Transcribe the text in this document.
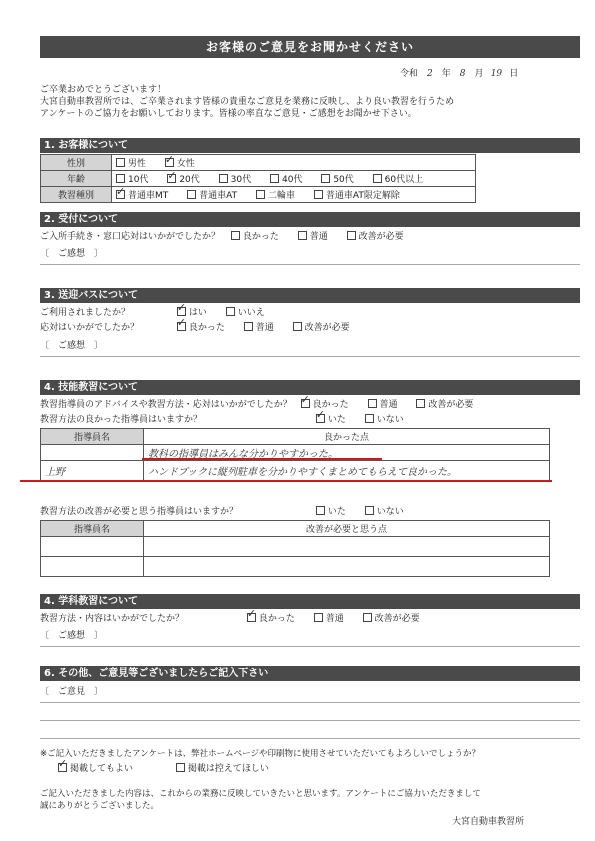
お客様のご意見をお聞かせください
令和 2 年 8 月 19 日
ご卒業おめでとうございます！
大宮自動車教習所では、ご卒業されます皆様の貴重なご意見を業務に反映し、より良い教習を行うため
アンケートのご協力をお願いしております。皆様の率直なご意見・ご感想をお聞かせ下さい。
1. お客様について
性別	男性 ✓ 女性
年齢	10代 ✓ 20代 30代 40代 50代 60代以上
教習種別	✓普通車MT 普通車AT 二輪車 普通車AT限定解除
2. 受付について
ご入所手続き・窓口応対はいかがでしたか？	良かった	普通	改善が必要
〔　ご感想　〕
3. 送迎バスについて
ご利用されましたか？ ✓	はい	いいえ
応対はいかがでしたか？ ✓	良かった	普通	改善が必要
〔　ご感想　〕
4. 技能教習について
教習指導員のアドバイスや教習方法・応対はいかがでしたか？ ✓ 良かった	普通	改善が必要
教習方法の良かった指導員はいますか？ ✓	いた	いない
指導員名	良かった点
	教科の指導員はみんな分かりやすかった。
上野	ハンドブックに縦列駐車を分かりやすくまとめてもらえて良かった。
教習方法の改善が必要と思う指導員はいますか？	いた	いない
指導員名	改善が必要と思う点

4. 学科教習について
教習方法・内容はいかがでしたか？ ✓	良かった	普通	改善が必要
〔　ご感想　〕
6. その他、ご意見等ございましたらご記入下さい
〔　ご意見　〕
※ご記入いただきましたアンケートは、弊社ホームページや印刷物に使用させていただいてもよろしいでしょうか？
✓掲載してもよい	掲載は控えてほしい
ご記入いただきました内容は、これからの業務に反映していきたいと思います。アンケートにご協力いただきまして
誠にありがとうございました。
大宮自動車教習所
